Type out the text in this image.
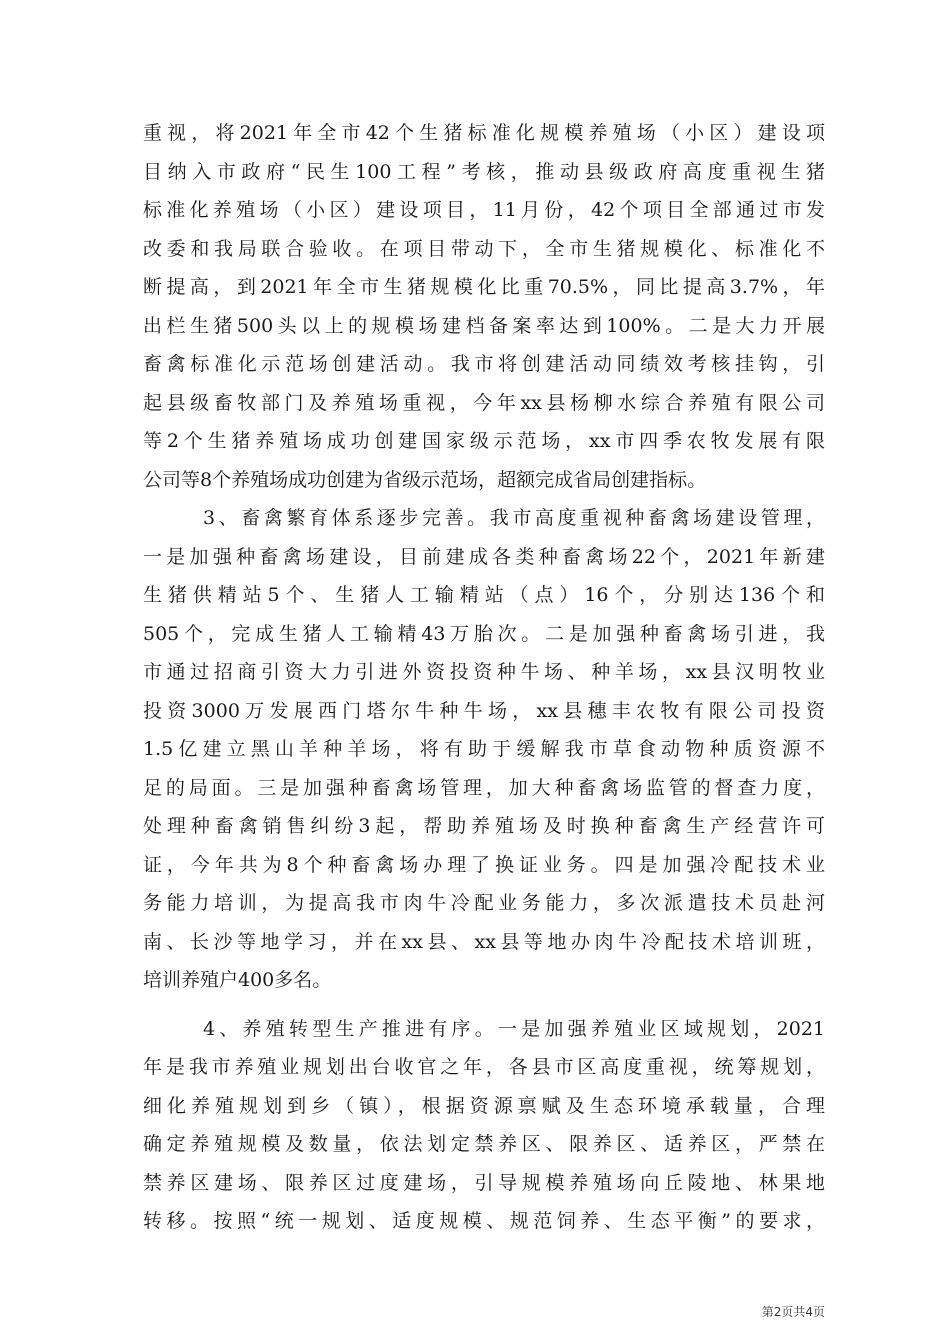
重视，将2021年全市42个生猪标准化规模养殖场（小区）建设项
目纳入市政府“民生100工程”考核，推动县级政府高度重视生猪
标准化养殖场（小区）建设项目，11月份，42个项目全部通过市发
改委和我局联合验收。在项目带动下，全市生猪规模化、标准化不
断提高，到2021年全市生猪规模化比重70.5%，同比提高3.7%，年
出栏生猪500头以上的规模场建档备案率达到100%。二是大力开展
畜禽标准化示范场创建活动。我市将创建活动同绩效考核挂钩，引
起县级畜牧部门及养殖场重视，今年xx县杨柳水综合养殖有限公司
等2个生猪养殖场成功创建国家级示范场，xx市四季农牧发展有限
公司等8个养殖场成功创建为省级示范场，超额完成省局创建指标。
3、畜禽繁育体系逐步完善。我市高度重视种畜禽场建设管理，
一是加强种畜禽场建设，目前建成各类种畜禽场22个，2021年新建
生猪供精站5个、生猪人工输精站（点）16个，分别达136个和
505个，完成生猪人工输精43万胎次。二是加强种畜禽场引进，我
市通过招商引资大力引进外资投资种牛场、种羊场，xx县汉明牧业
投资3000万发展西门塔尔牛种牛场，xx县穗丰农牧有限公司投资
1.5亿建立黑山羊种羊场，将有助于缓解我市草食动物种质资源不
足的局面。三是加强种畜禽场管理，加大种畜禽场监管的督查力度，
处理种畜禽销售纠纷3起，帮助养殖场及时换种畜禽生产经营许可
证，今年共为8个种畜禽场办理了换证业务。四是加强冷配技术业
务能力培训，为提高我市肉牛冷配业务能力，多次派遣技术员赴河
南、长沙等地学习，并在xx县、xx县等地办肉牛冷配技术培训班，
培训养殖户400多名。
4、养殖转型生产推进有序。一是加强养殖业区域规划，2021
年是我市养殖业规划出台收官之年，各县市区高度重视，统筹规划，
细化养殖规划到乡（镇），根据资源禀赋及生态环境承载量，合理
确定养殖规模及数量，依法划定禁养区、限养区、适养区，严禁在
禁养区建场、限养区过度建场，引导规模养殖场向丘陵地、林果地
转移。按照“统一规划、适度规模、规范饲养、生态平衡”的要求，
第2页共4页
